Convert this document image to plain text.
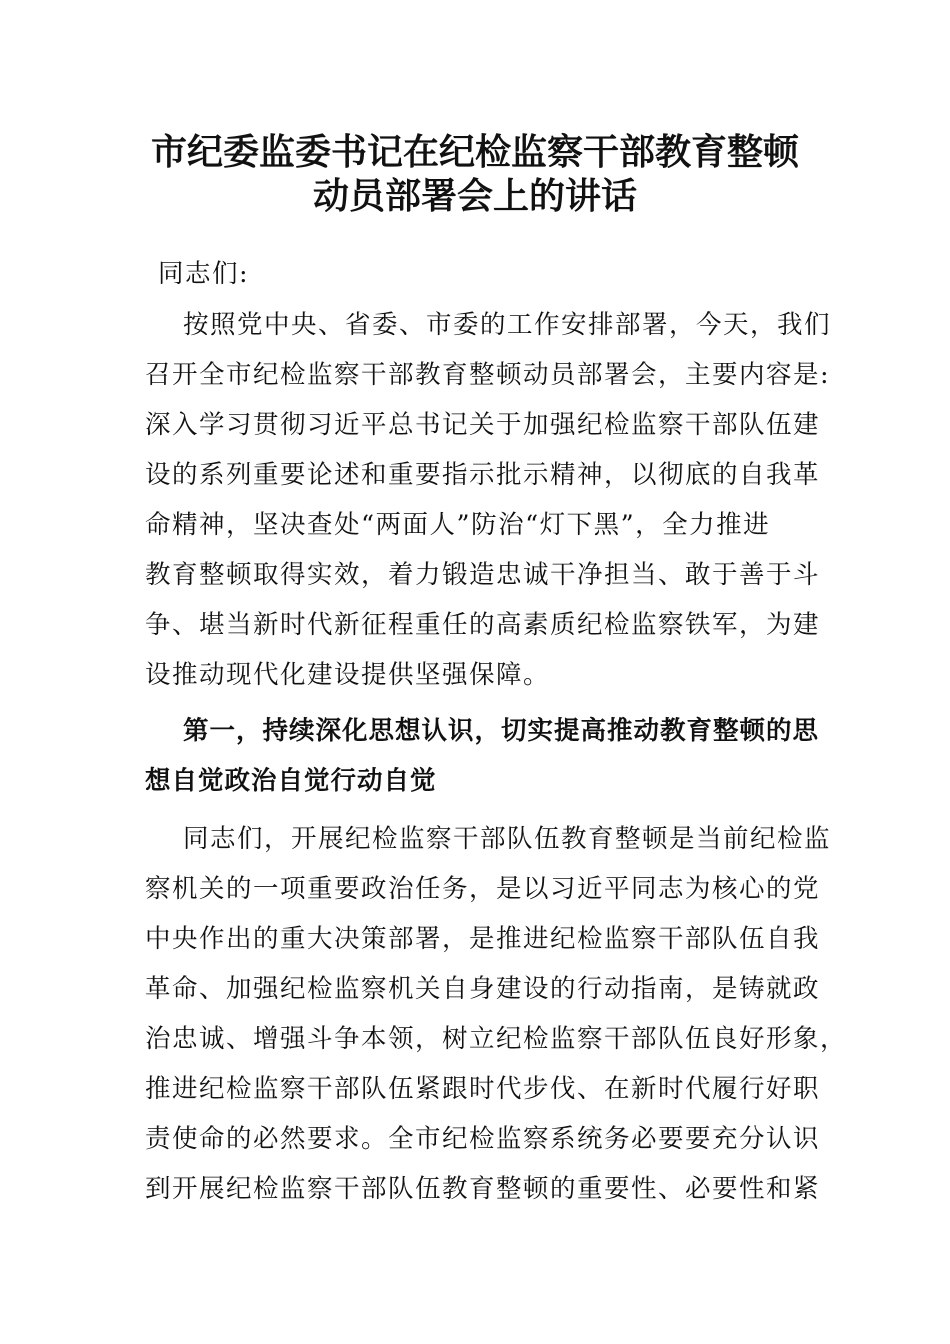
市纪委监委书记在纪检监察干部教育整顿
动员部署会上的讲话
同志们:
按照党中央、省委、市委的工作安排部署，今天，我们
召开全市纪检监察干部教育整顿动员部署会，主要内容是:
深入学习贯彻习近平总书记关于加强纪检监察干部队伍建
设的系列重要论述和重要指示批示精神，以彻底的自我革
命精神，坚决查处“两面人”防治“灯下黑”，全力推进
教育整顿取得实效，着力锻造忠诚干净担当、敢于善于斗
争、堪当新时代新征程重任的高素质纪检监察铁军，为建
设推动现代化建设提供坚强保障。
第一，持续深化思想认识，切实提高推动教育整顿的思
想自觉政治自觉行动自觉
同志们，开展纪检监察干部队伍教育整顿是当前纪检监
察机关的一项重要政治任务，是以习近平同志为核心的党
中央作出的重大决策部署，是推进纪检监察干部队伍自我
革命、加强纪检监察机关自身建设的行动指南，是铸就政
治忠诚、增强斗争本领，树立纪检监察干部队伍良好形象，
推进纪检监察干部队伍紧跟时代步伐、在新时代履行好职
责使命的必然要求。全市纪检监察系统务必要要充分认识
到开展纪检监察干部队伍教育整顿的重要性、必要性和紧
